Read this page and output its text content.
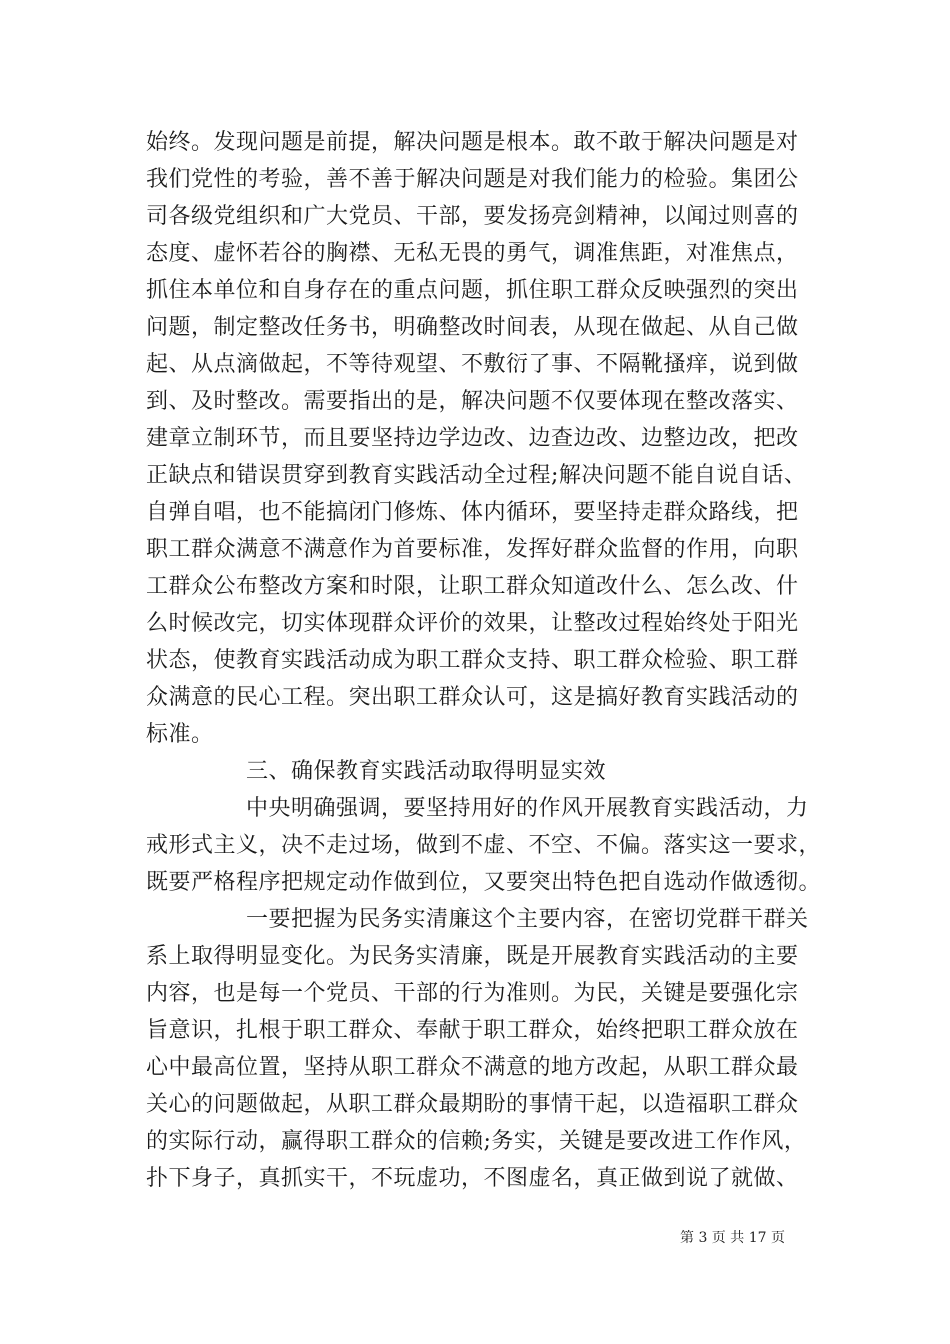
始终。发现问题是前提，解决问题是根本。敢不敢于解决问题是对
我们党性的考验，善不善于解决问题是对我们能力的检验。集团公
司各级党组织和广大党员、干部，要发扬亮剑精神，以闻过则喜的
态度、虚怀若谷的胸襟、无私无畏的勇气，调准焦距，对准焦点，
抓住本单位和自身存在的重点问题，抓住职工群众反映强烈的突出
问题，制定整改任务书，明确整改时间表，从现在做起、从自己做
起、从点滴做起，不等待观望、不敷衍了事、不隔靴搔痒，说到做
到、及时整改。需要指出的是，解决问题不仅要体现在整改落实、
建章立制环节，而且要坚持边学边改、边查边改、边整边改，把改
正缺点和错误贯穿到教育实践活动全过程;解决问题不能自说自话、
自弹自唱，也不能搞闭门修炼、体内循环，要坚持走群众路线，把
职工群众满意不满意作为首要标准，发挥好群众监督的作用，向职
工群众公布整改方案和时限，让职工群众知道改什么、怎么改、什
么时候改完，切实体现群众评价的效果，让整改过程始终处于阳光
状态，使教育实践活动成为职工群众支持、职工群众检验、职工群
众满意的民心工程。突出职工群众认可，这是搞好教育实践活动的
标准。
三、确保教育实践活动取得明显实效
中央明确强调，要坚持用好的作风开展教育实践活动，力
戒形式主义，决不走过场，做到不虚、不空、不偏。落实这一要求，
既要严格程序把规定动作做到位，又要突出特色把自选动作做透彻。
一要把握为民务实清廉这个主要内容，在密切党群干群关
系上取得明显变化。为民务实清廉，既是开展教育实践活动的主要
内容，也是每一个党员、干部的行为准则。为民，关键是要强化宗
旨意识，扎根于职工群众、奉献于职工群众，始终把职工群众放在
心中最高位置，坚持从职工群众不满意的地方改起，从职工群众最
关心的问题做起，从职工群众最期盼的事情干起，以造福职工群众
的实际行动，赢得职工群众的信赖;务实，关键是要改进工作作风，
扑下身子，真抓实干，不玩虚功，不图虚名，真正做到说了就做、
第 3 页 共 17 页
